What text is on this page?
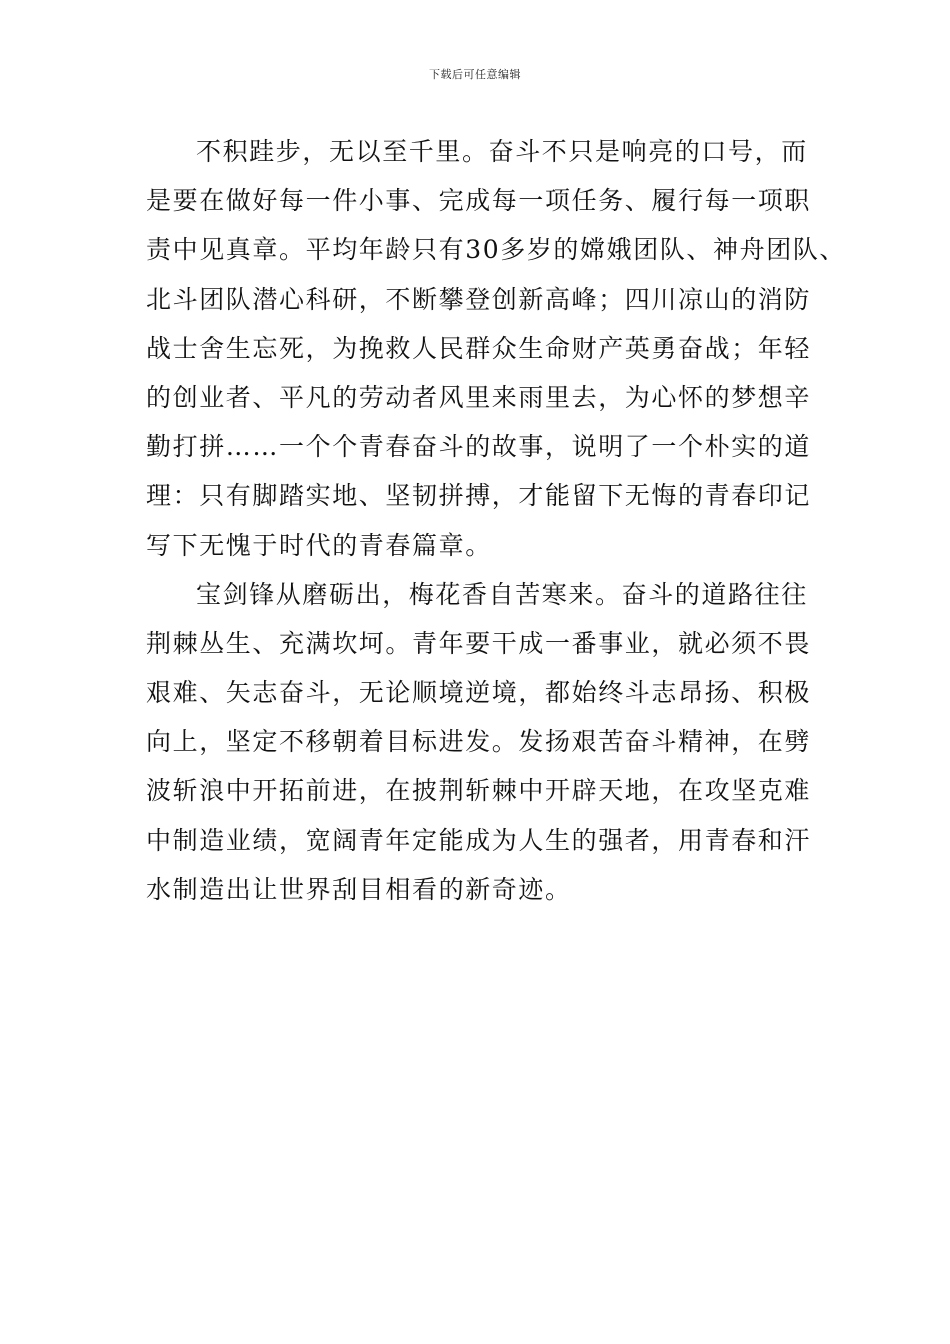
下载后可任意编辑

不积跬步，无以至千里。奋斗不只是响亮的口号，而
是要在做好每一件小事、完成每一项任务、履行每一项职
责中见真章。平均年龄只有30多岁的嫦娥团队、神舟团队、
北斗团队潜心科研，不断攀登创新高峰；四川凉山的消防
战士舍生忘死，为挽救人民群众生命财产英勇奋战；年轻
的创业者、平凡的劳动者风里来雨里去，为心怀的梦想辛
勤打拼……一个个青春奋斗的故事，说明了一个朴实的道
理：只有脚踏实地、坚韧拼搏，才能留下无悔的青春印记
写下无愧于时代的青春篇章。

宝剑锋从磨砺出，梅花香自苦寒来。奋斗的道路往往
荆棘丛生、充满坎坷。青年要干成一番事业，就必须不畏
艰难、矢志奋斗，无论顺境逆境，都始终斗志昂扬、积极
向上，坚定不移朝着目标进发。发扬艰苦奋斗精神，在劈
波斩浪中开拓前进，在披荆斩棘中开辟天地，在攻坚克难
中制造业绩，宽阔青年定能成为人生的强者，用青春和汗
水制造出让世界刮目相看的新奇迹。
